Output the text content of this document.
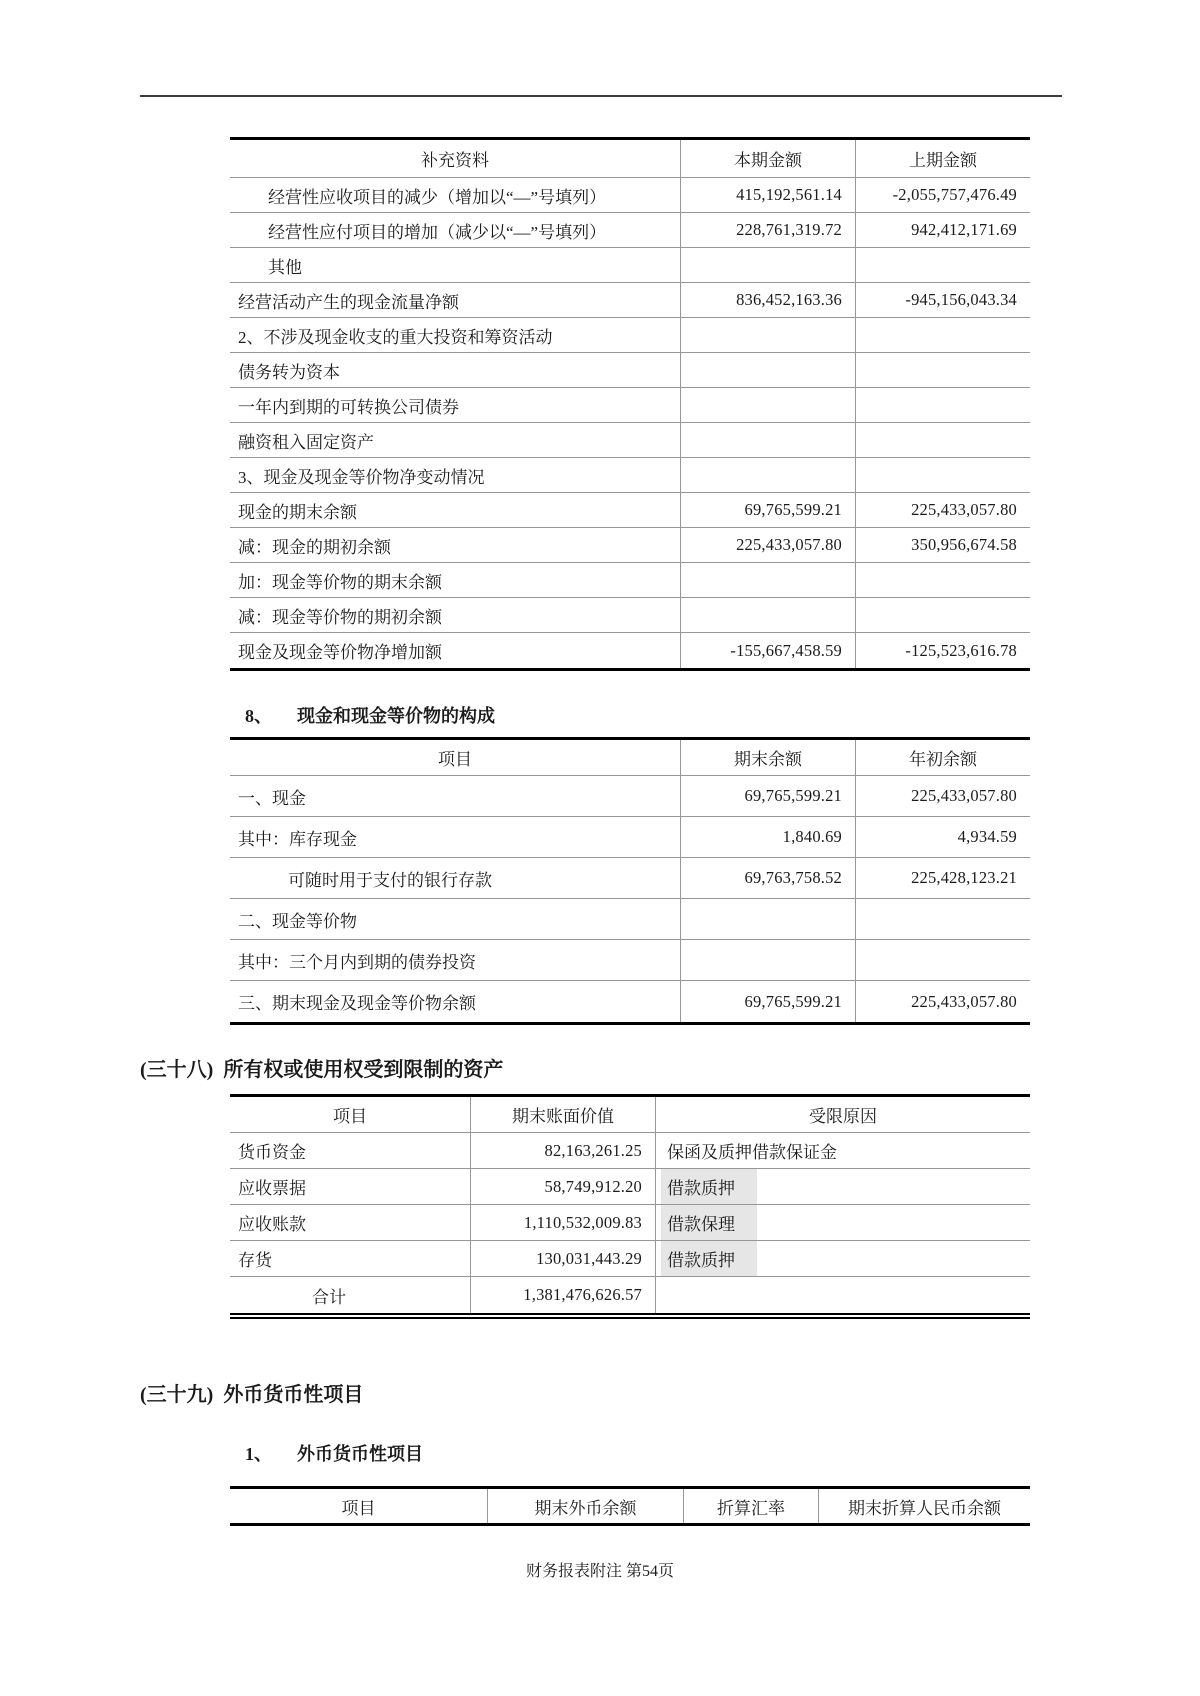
补充资料	本期金额	上期金额
经营性应收项目的减少（增加以“—”号填列）	415,192,561.14	-2,055,757,476.49
经营性应付项目的增加（减少以“—”号填列）	228,761,319.72	942,412,171.69
其他
经营活动产生的现金流量净额	836,452,163.36	-945,156,043.34
2、不涉及现金收支的重大投资和筹资活动
债务转为资本
一年内到期的可转换公司债券
融资租入固定资产
3、现金及现金等价物净变动情况
现金的期末余额	69,765,599.21	225,433,057.80
减：现金的期初余额	225,433,057.80	350,956,674.58
加：现金等价物的期末余额
减：现金等价物的期初余额
现金及现金等价物净增加额	-155,667,458.59	-125,523,616.78
8、 现金和现金等价物的构成
项目	期末余额	年初余额
一、现金	69,765,599.21	225,433,057.80
其中：库存现金	1,840.69	4,934.59
可随时用于支付的银行存款	69,763,758.52	225,428,123.21
二、现金等价物
其中：三个月内到期的债券投资
三、期末现金及现金等价物余额	69,765,599.21	225,433,057.80
(三十八) 所有权或使用权受到限制的资产
项目	期末账面价值	受限原因
货币资金	82,163,261.25	保函及质押借款保证金
应收票据	58,749,912.20	借款质押
应收账款	1,110,532,009.83	借款保理
存货	130,031,443.29	借款质押
合计	1,381,476,626.57
(三十九) 外币货币性项目
1、 外币货币性项目
项目	期末外币余额	折算汇率	期末折算人民币余额
财务报表附注 第54页
